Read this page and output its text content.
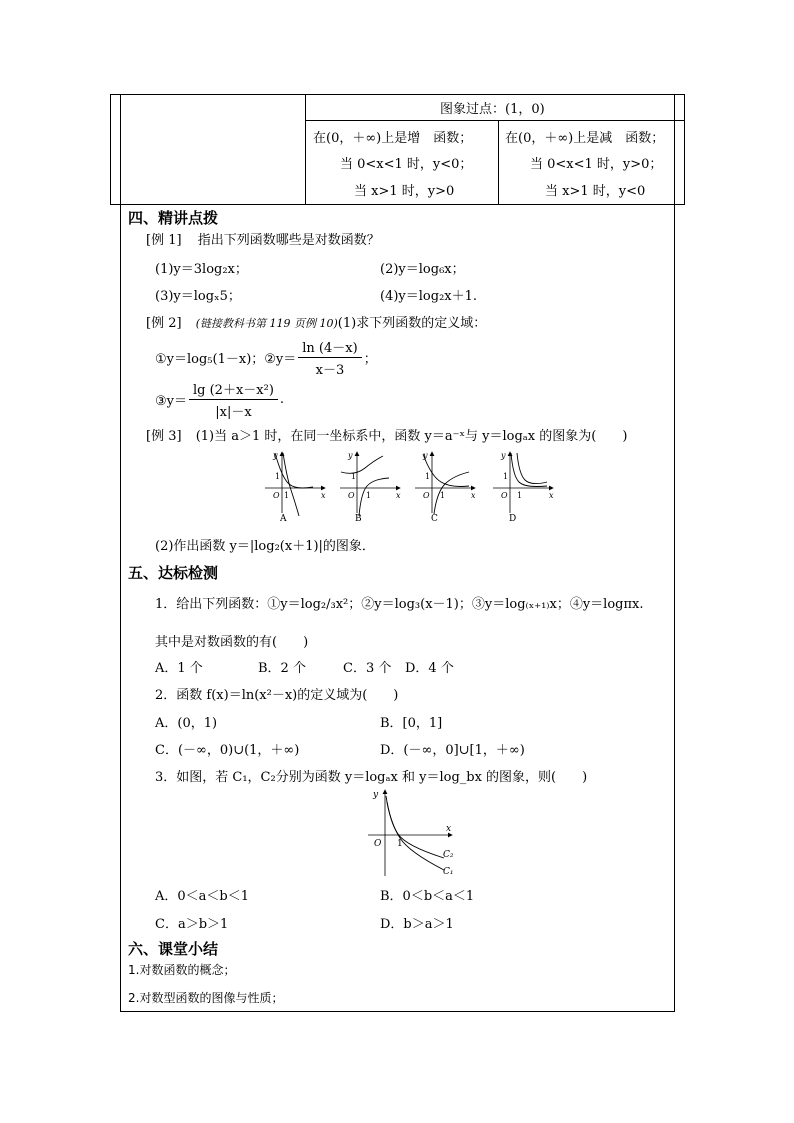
图象过点：(1，0)
在(0，＋∞)上是增　函数；
当 0<x<1 时，y<0；
当 x>1 时，y>0
在(0，＋∞)上是减　函数；
当 0<x<1 时，y>0；
当 x>1 时，y<0
四、精讲点拨
[例 1] 指出下列函数哪些是对数函数？
(1)y＝3log₂x；	(2)y＝log₆x；
(3)y＝logₓ5；	(4)y＝log₂x＋1.
[例 2] (链接教科书第 119 页例 10)(1)求下列函数的定义域：
①y＝log₅(1－x)；②y＝ $\frac{\ln (4-x)}{x-3}$ ；
③y＝ $\frac{\text{lg (2＋x－x²)}}{|x|-x}$ .
[例 3] (1)当 a＞1 时，在同一坐标系中，函数 y＝a⁻ˣ与 y＝logₐx 的图象为(　　)
y
x
O 1
1
A
y
x
O 1
1
B
y
x
O 1
1
C
y
x
O 1
1
D
(2)作出函数 y＝|log₂(x＋1)|的图象．
五、达标检测
1．给出下列函数：①y＝log₂/₃x²；②y＝log₃(x－1)；③y＝log₍ₓ₊₁₎x；④y＝logπx.
其中是对数函数的有(　　)
A．1 个	B．2 个	C．3 个 D．4 个
2．函数 f(x)＝ln(x²－x)的定义域为(　　)
A．(0，1)	B．[0，1]
C．(－∞，0)∪(1，＋∞)	D．(－∞，0]∪[1，＋∞)
3．如图，若 C₁，C₂分别为函数 y＝logₐx 和 y＝log_bx 的图象，则(　　)
y
x
O 1
C₂
C₁
A．0＜a＜b＜1	B．0＜b＜a＜1
C．a＞b＞1	D．b＞a＞1
六、课堂小结
1.对数函数的概念；
2.对数型函数的图像与性质；
